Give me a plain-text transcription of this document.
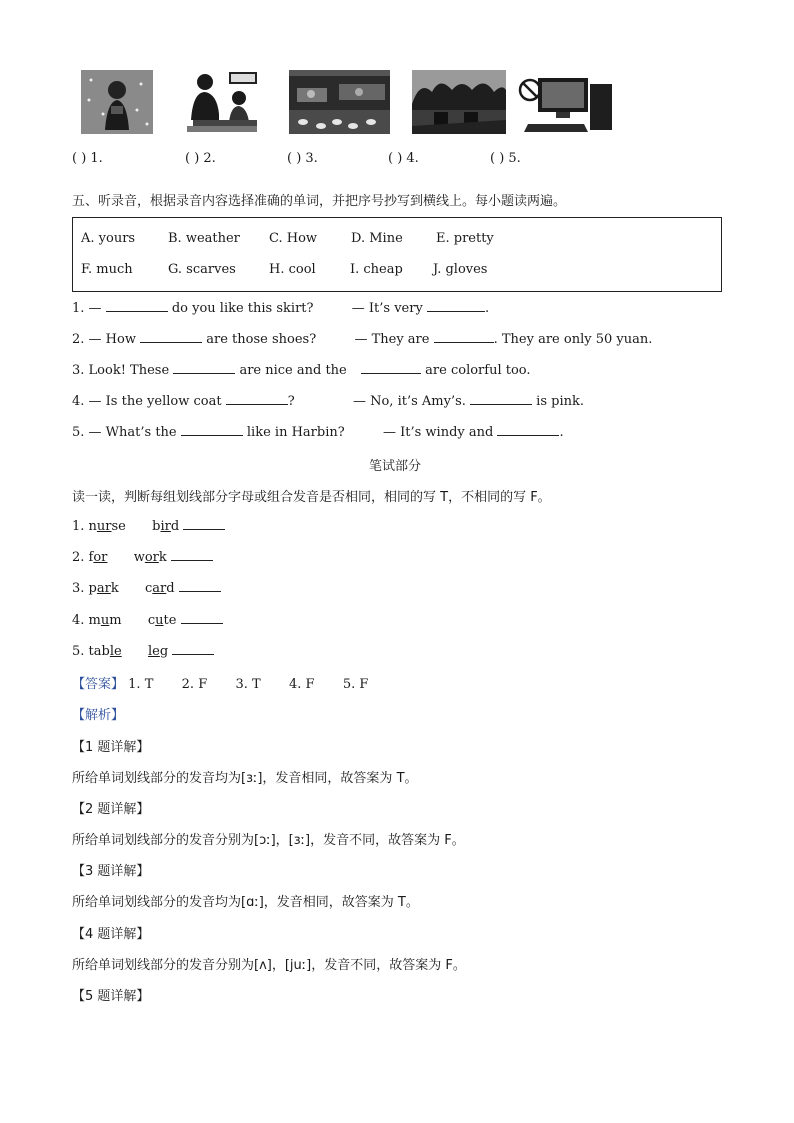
( ) 1.	( ) 2.	( ) 3.	( ) 4.	( ) 5.
五、听录音，根据录音内容选择准确的单词，并把序号抄写到横线上。每小题读两遍。
A. yours	B. weather C. How	D. Mine	E. pretty
F. much	G. scarves	H. cool	I. cheap J. gloves
1. —	do you like this skirt?	— It’s very	.
2. — How	are those shoes?	— They are	. They are only 50 yuan.
3. Look! These	are nice and the	are colorful too.
4. — Is the yellow coat	?	— No, it’s Amy’s.	is pink.
5. — What’s the	like in Harbin?	— It’s windy and	.
笔试部分
读一读，判断每组划线部分字母或组合发音是否相同，相同的写 T，不相同的写 F。
1. nurse bird
2. for work
3. park card
4. mum cute
5. table leg
【答案】 1. T 2. F 3. T 4. F 5. F
【解析】
【1 题详解】
所给单词划线部分的发音均为[ɜː]，发音相同，故答案为 T。
【2 题详解】
所给单词划线部分的发音分别为[ɔː]，[ɜː]，发音不同，故答案为 F。
【3 题详解】
所给单词划线部分的发音均为[ɑː]，发音相同，故答案为 T。
【4 题详解】
所给单词划线部分的发音分别为[ʌ]，[juː]，发音不同，故答案为 F。
【5 题详解】
